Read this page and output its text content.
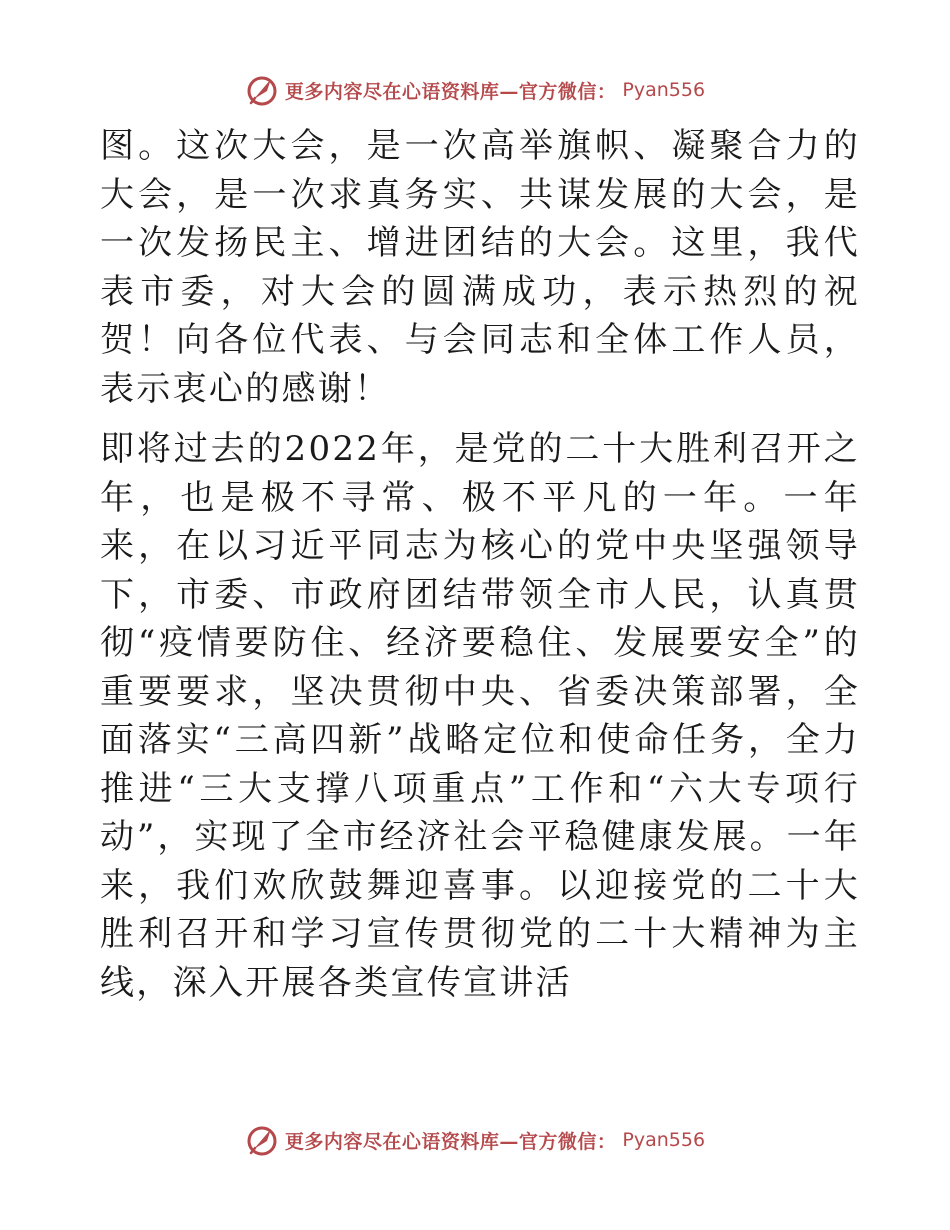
更多内容尽在心语资料库—官方微信： Pyan556

图。这次大会，是一次高举旗帜、凝聚合力的大会，是一次求真务实、共谋发展的大会，是一次发扬民主、增进团结的大会。这里，我代表市委，对大会的圆满成功，表示热烈的祝贺！向各位代表、与会同志和全体工作人员，表示衷心的感谢！

即将过去的2022年，是党的二十大胜利召开之年，也是极不寻常、极不平凡的一年。一年来，在以习近平同志为核心的党中央坚强领导下，市委、市政府团结带领全市人民，认真贯彻“疫情要防住、经济要稳住、发展要安全”的重要要求，坚决贯彻中央、省委决策部署，全面落实“三高四新”战略定位和使命任务，全力推进“三大支撑八项重点”工作和“六大专项行动”，实现了全市经济社会平稳健康发展。一年来，我们欢欣鼓舞迎喜事。以迎接党的二十大胜利召开和学习宣传贯彻党的二十大精神为主线，深入开展各类宣传宣讲活

更多内容尽在心语资料库—官方微信： Pyan556
